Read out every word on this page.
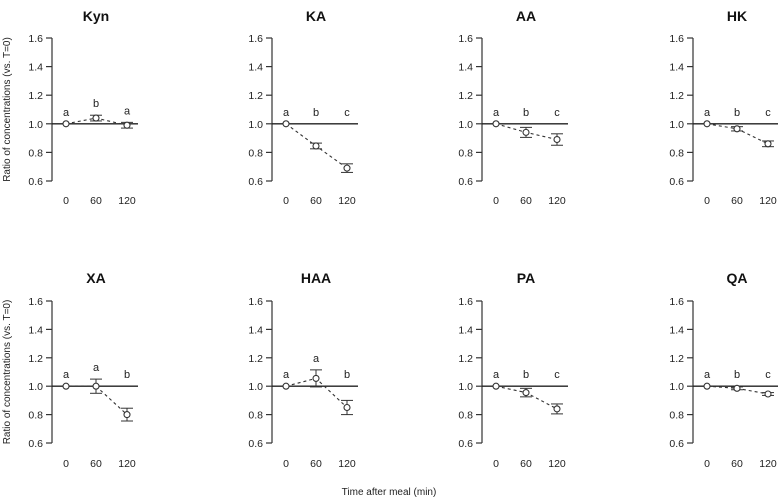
Kyn
0.6
0.8
1.0
1.2
1.4
1.6
0 60 120
a
b
a
KA
0.6
0.8
1.0
1.2
1.4
1.6
0 60 120
a b c
AA
0.6
0.8
1.0
1.2
1.4
1.6
0 60 120
a b c
HK
0.6
0.8
1.0
1.2
1.4
1.6
0 60 120
a b c
XA
0.6
0.8
1.0
1.2
1.4
1.6
0 60 120
a
a
b
HAA
0.6
0.8
1.0
1.2
1.4
1.6
0 60 120
a
a
b
PA
0.6
0.8
1.0
1.2
1.4
1.6
0 60 120
a b c
QA
0.6
0.8
1.0
1.2
1.4
1.6
0 60 120
a b c
Ratio of concentrations (vs. T=0)
Ratio of concentrations (vs. T=0)
Time after meal (min)
